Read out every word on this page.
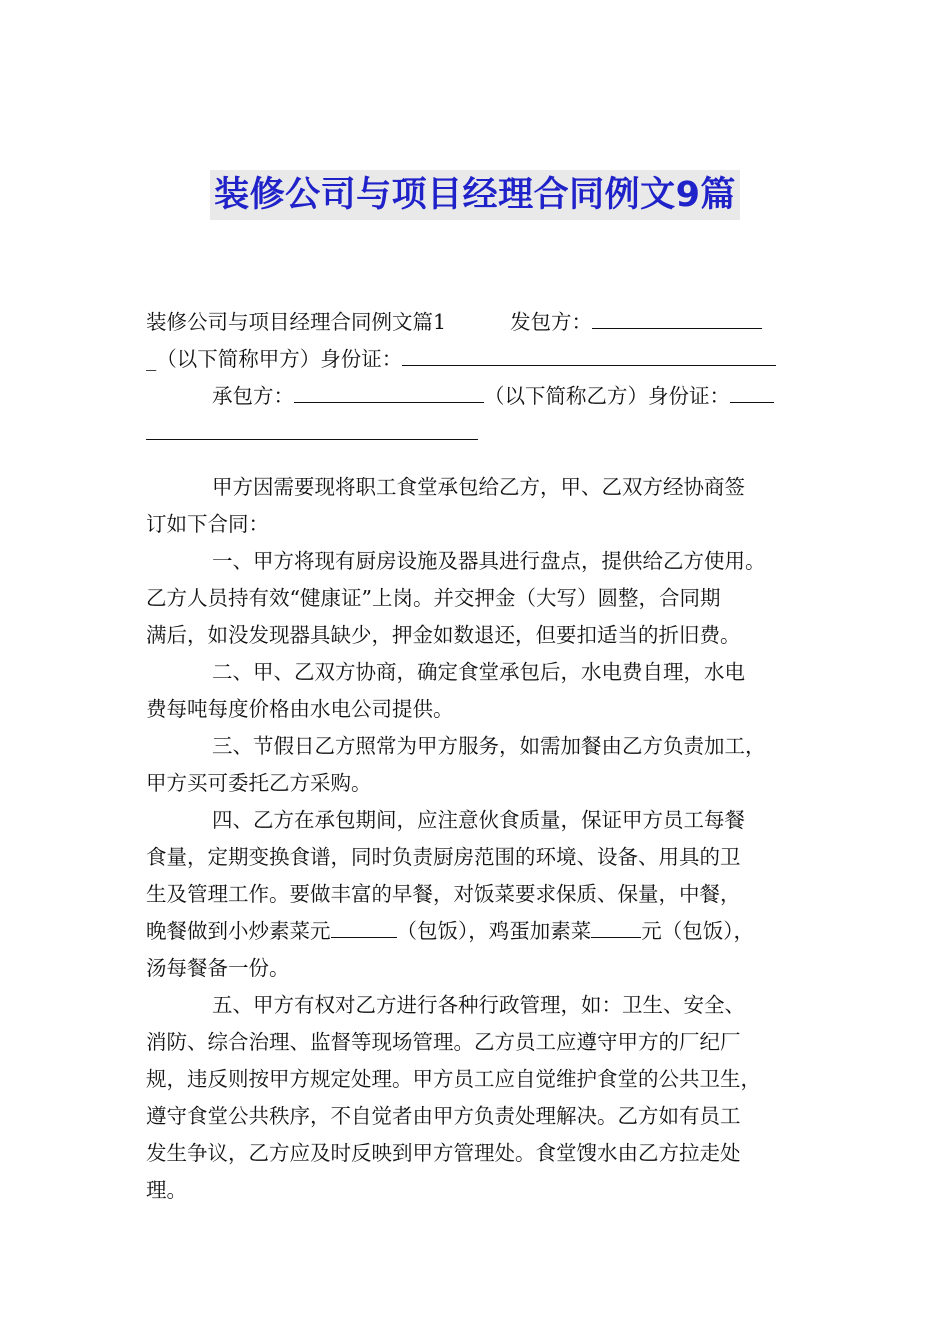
装修公司与项目经理合同例文9篇
装修公司与项目经理合同例文篇1	发包方：
_（以下简称甲方）身份证：
承包方：	（以下简称乙方）身份证：
甲方因需要现将职工食堂承包给乙方，甲、乙双方经协商签
订如下合同：
一、甲方将现有厨房设施及器具进行盘点，提供给乙方使用。
乙方人员持有效“健康证”上岗。并交押金（大写）圆整，合同期
满后，如没发现器具缺少，押金如数退还，但要扣适当的折旧费。
二、甲、乙双方协商，确定食堂承包后，水电费自理，水电
费每吨每度价格由水电公司提供。
三、节假日乙方照常为甲方服务，如需加餐由乙方负责加工，
甲方买可委托乙方采购。
四、乙方在承包期间，应注意伙食质量，保证甲方员工每餐
食量，定期变换食谱，同时负责厨房范围的环境、设备、用具的卫
生及管理工作。要做丰富的早餐，对饭菜要求保质、保量，中餐，
晚餐做到小炒素菜元	（包饭），鸡蛋加素菜 元（包饭），
汤每餐备一份。
五、甲方有权对乙方进行各种行政管理，如：卫生、安全、
消防、综合治理、监督等现场管理。乙方员工应遵守甲方的厂纪厂
规，违反则按甲方规定处理。甲方员工应自觉维护食堂的公共卫生，
遵守食堂公共秩序，不自觉者由甲方负责处理解决。乙方如有员工
发生争议，乙方应及时反映到甲方管理处。食堂馊水由乙方拉走处
理。
